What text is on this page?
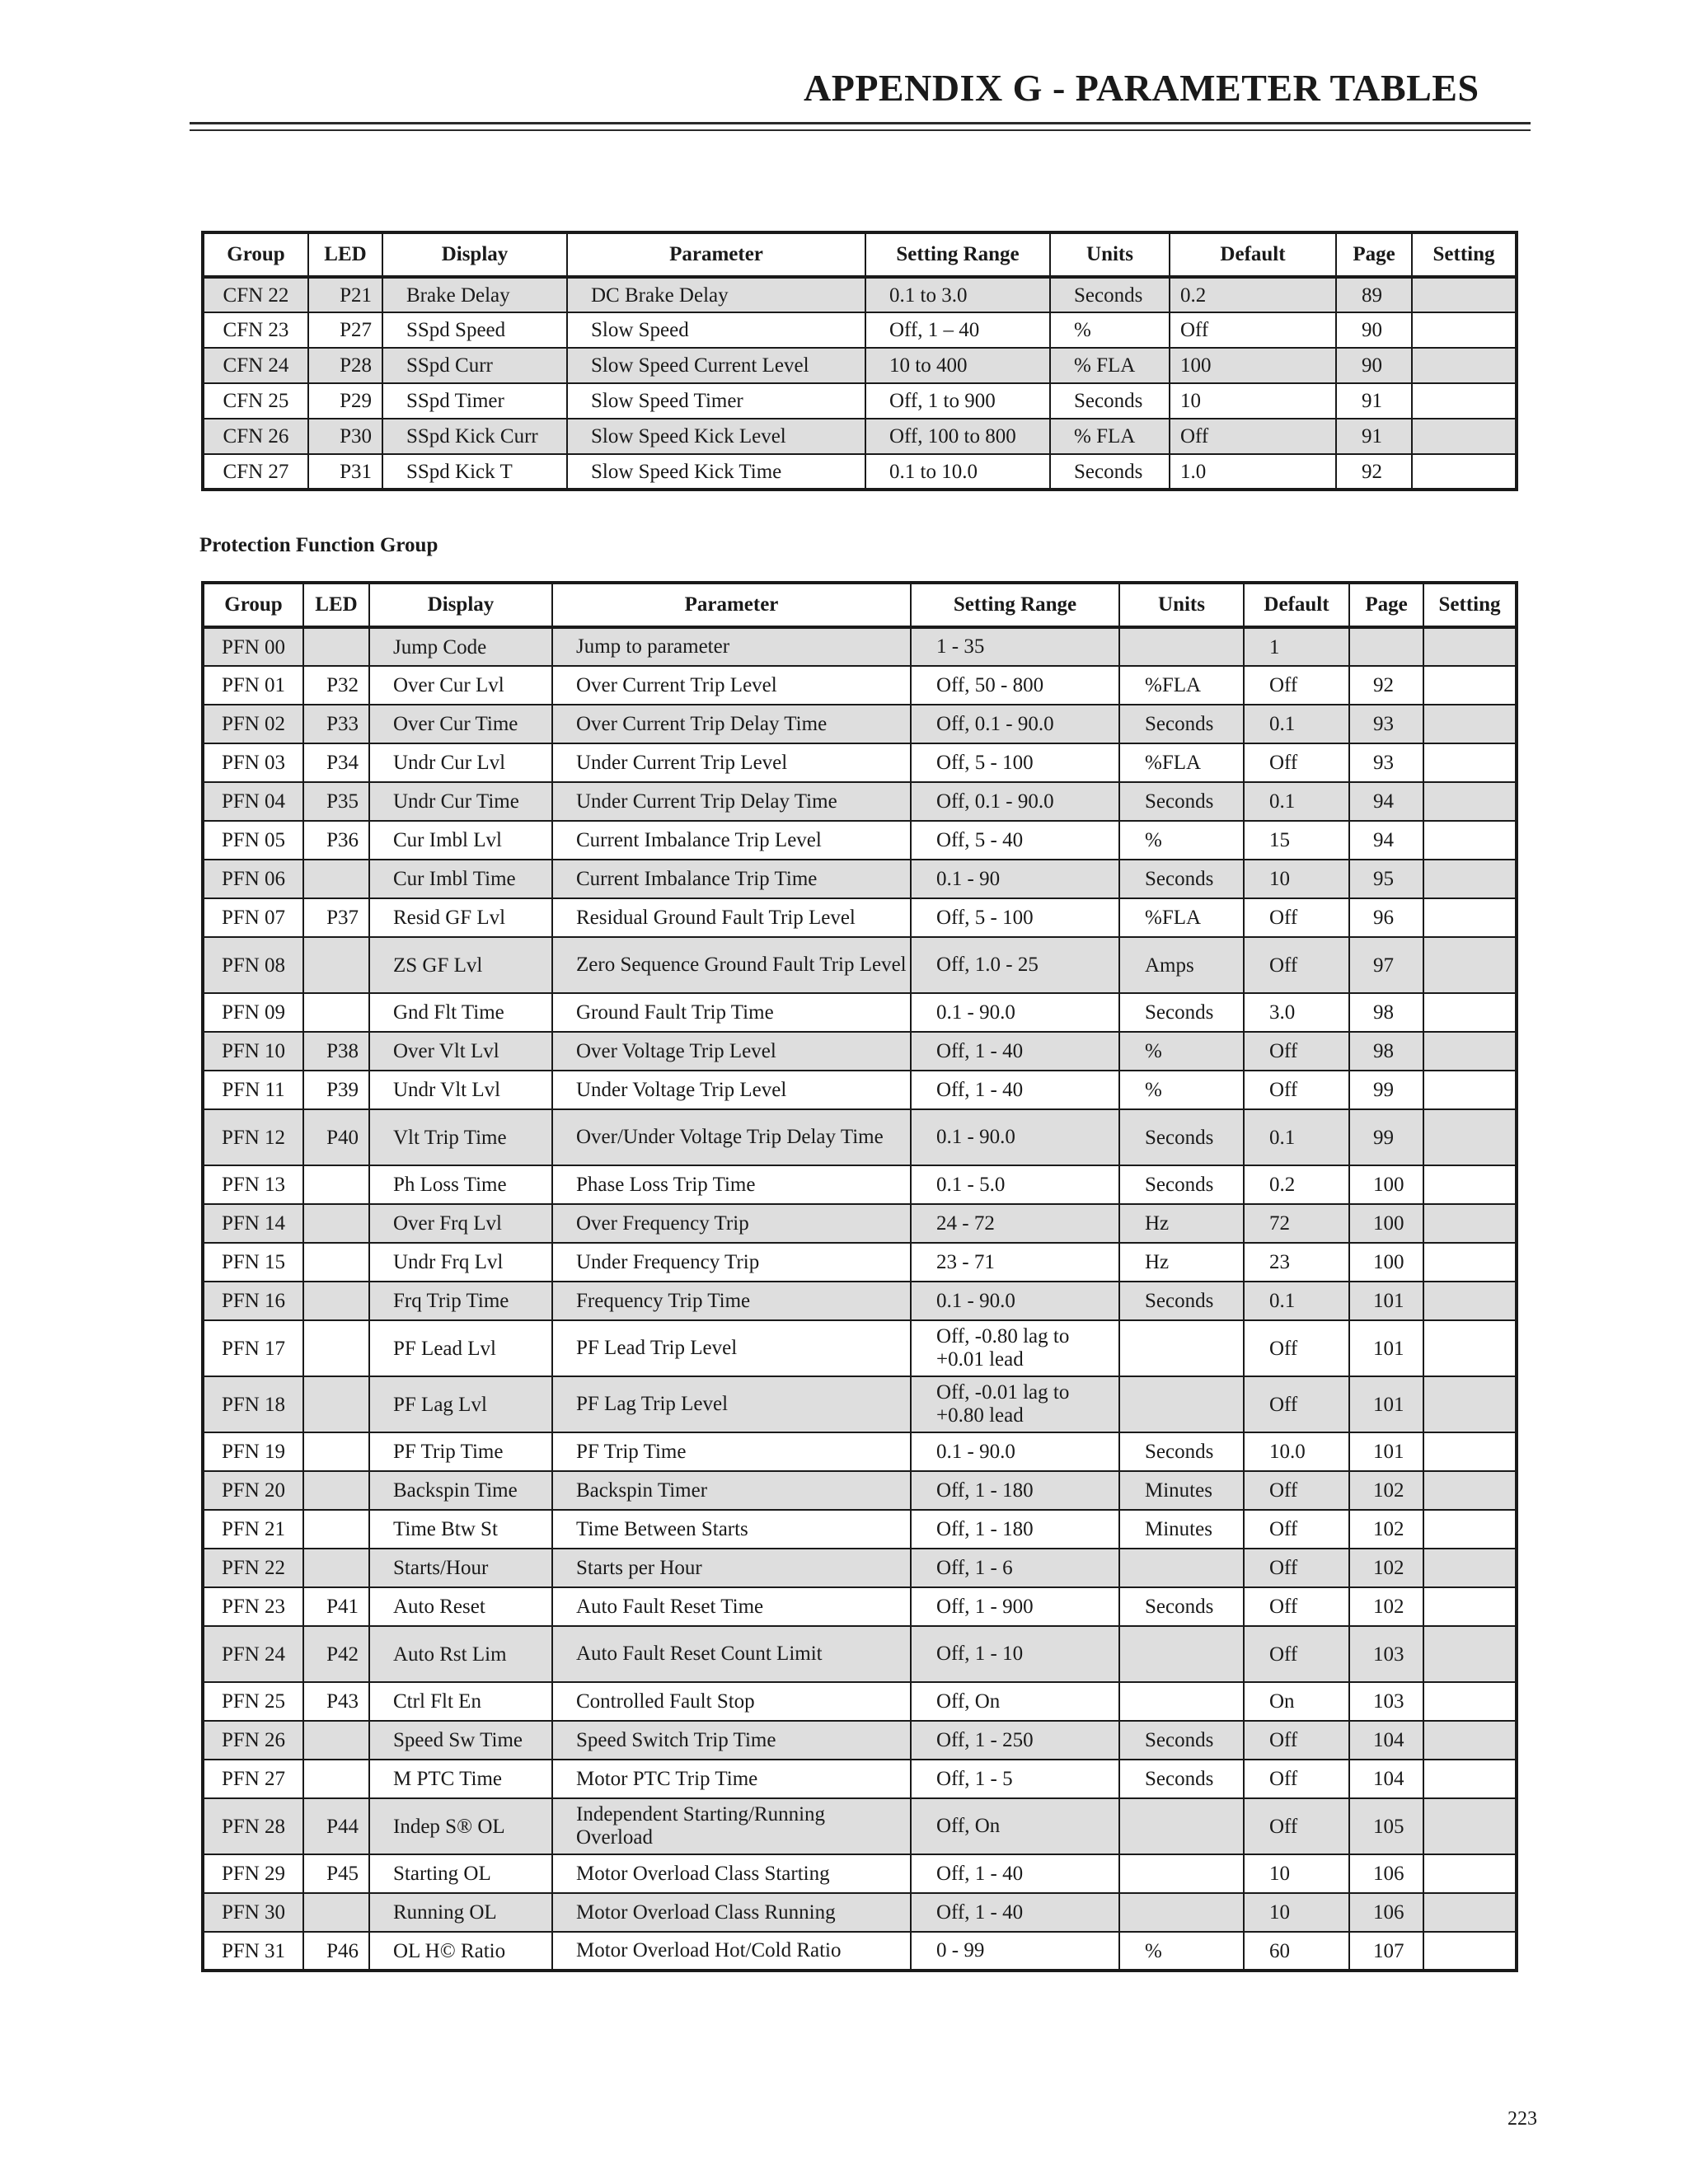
APPENDIX G - PARAMETER TABLES
Group	LED	Display	Parameter	Setting Range	Units	Default	Page	Setting
CFN 22	P21	Brake Delay	DC Brake Delay	0.1 to 3.0	Seconds	0.2	89	
CFN 23	P27	SSpd Speed	Slow Speed	Off, 1 – 40	%	Off	90	
CFN 24	P28	SSpd Curr	Slow Speed Current Level	10 to 400	% FLA	100	90	
CFN 25	P29	SSpd Timer	Slow Speed Timer	Off, 1 to 900	Seconds	10	91	
CFN 26	P30	SSpd Kick Curr	Slow Speed Kick Level	Off, 100 to 800	% FLA	Off	91	
CFN 27	P31	SSpd Kick T	Slow Speed Kick Time	0.1 to 10.0	Seconds	1.0	92	
Protection Function Group
Group	LED	Display	Parameter	Setting Range	Units	Default	Page	Setting
PFN 00		Jump Code	Jump to parameter	1 - 35		1		
PFN 01	P32	Over Cur Lvl	Over Current Trip Level	Off, 50 - 800	%FLA	Off	92	
PFN 02	P33	Over Cur Time	Over Current Trip Delay Time	Off, 0.1 - 90.0	Seconds	0.1	93	
PFN 03	P34	Undr Cur Lvl	Under Current Trip Level	Off, 5 - 100	%FLA	Off	93	
PFN 04	P35	Undr Cur Time	Under Current Trip Delay Time	Off, 0.1 - 90.0	Seconds	0.1	94	
PFN 05	P36	Cur Imbl Lvl	Current Imbalance Trip Level	Off, 5 - 40	%	15	94	
PFN 06		Cur Imbl Time	Current Imbalance Trip Time	0.1 - 90	Seconds	10	95	
PFN 07	P37	Resid GF Lvl	Residual Ground Fault Trip Level	Off, 5 - 100	%FLA	Off	96	
PFN 08		ZS GF Lvl	Zero Sequence Ground Fault Trip Level	Off, 1.0 - 25	Amps	Off	97	
PFN 09		Gnd Flt Time	Ground Fault Trip Time	0.1 - 90.0	Seconds	3.0	98	
PFN 10	P38	Over Vlt Lvl	Over Voltage Trip Level	Off, 1 - 40	%	Off	98	
PFN 11	P39	Undr Vlt Lvl	Under Voltage Trip Level	Off, 1 - 40	%	Off	99	
PFN 12	P40	Vlt Trip Time	Over/Under Voltage Trip Delay Time	0.1 - 90.0	Seconds	0.1	99	
PFN 13		Ph Loss Time	Phase Loss Trip Time	0.1 - 5.0	Seconds	0.2	100	
PFN 14		Over Frq Lvl	Over Frequency Trip	24 - 72	Hz	72	100	
PFN 15		Undr Frq Lvl	Under Frequency Trip	23 - 71	Hz	23	100	
PFN 16		Frq Trip Time	Frequency Trip Time	0.1 - 90.0	Seconds	0.1	101	
PFN 17		PF Lead Lvl	PF Lead Trip Level	Off, -0.80 lag to +0.01 lead		Off	101	
PFN 18		PF Lag Lvl	PF Lag Trip Level	Off, -0.01 lag to +0.80 lead		Off	101	
PFN 19		PF Trip Time	PF Trip Time	0.1 - 90.0	Seconds	10.0	101	
PFN 20		Backspin Time	Backspin Timer	Off, 1 - 180	Minutes	Off	102	
PFN 21		Time Btw St	Time Between Starts	Off, 1 - 180	Minutes	Off	102	
PFN 22		Starts/Hour	Starts per Hour	Off, 1 - 6		Off	102	
PFN 23	P41	Auto Reset	Auto Fault Reset Time	Off, 1 - 900	Seconds	Off	102	
PFN 24	P42	Auto Rst Lim	Auto Fault Reset Count Limit	Off, 1 - 10		Off	103	
PFN 25	P43	Ctrl Flt En	Controlled Fault Stop	Off, On		On	103	
PFN 26		Speed Sw Time	Speed Switch Trip Time	Off, 1 - 250	Seconds	Off	104	
PFN 27		M PTC Time	Motor PTC Trip Time	Off, 1 - 5	Seconds	Off	104	
PFN 28	P44	Indep S® OL	Independent Starting/Running Overload	Off, On		Off	105	
PFN 29	P45	Starting OL	Motor Overload Class Starting	Off, 1 - 40		10	106	
PFN 30		Running OL	Motor Overload Class Running	Off, 1 - 40		10	106	
PFN 31	P46	OL H© Ratio	Motor Overload Hot/Cold Ratio	0 - 99	%	60	107	
223
